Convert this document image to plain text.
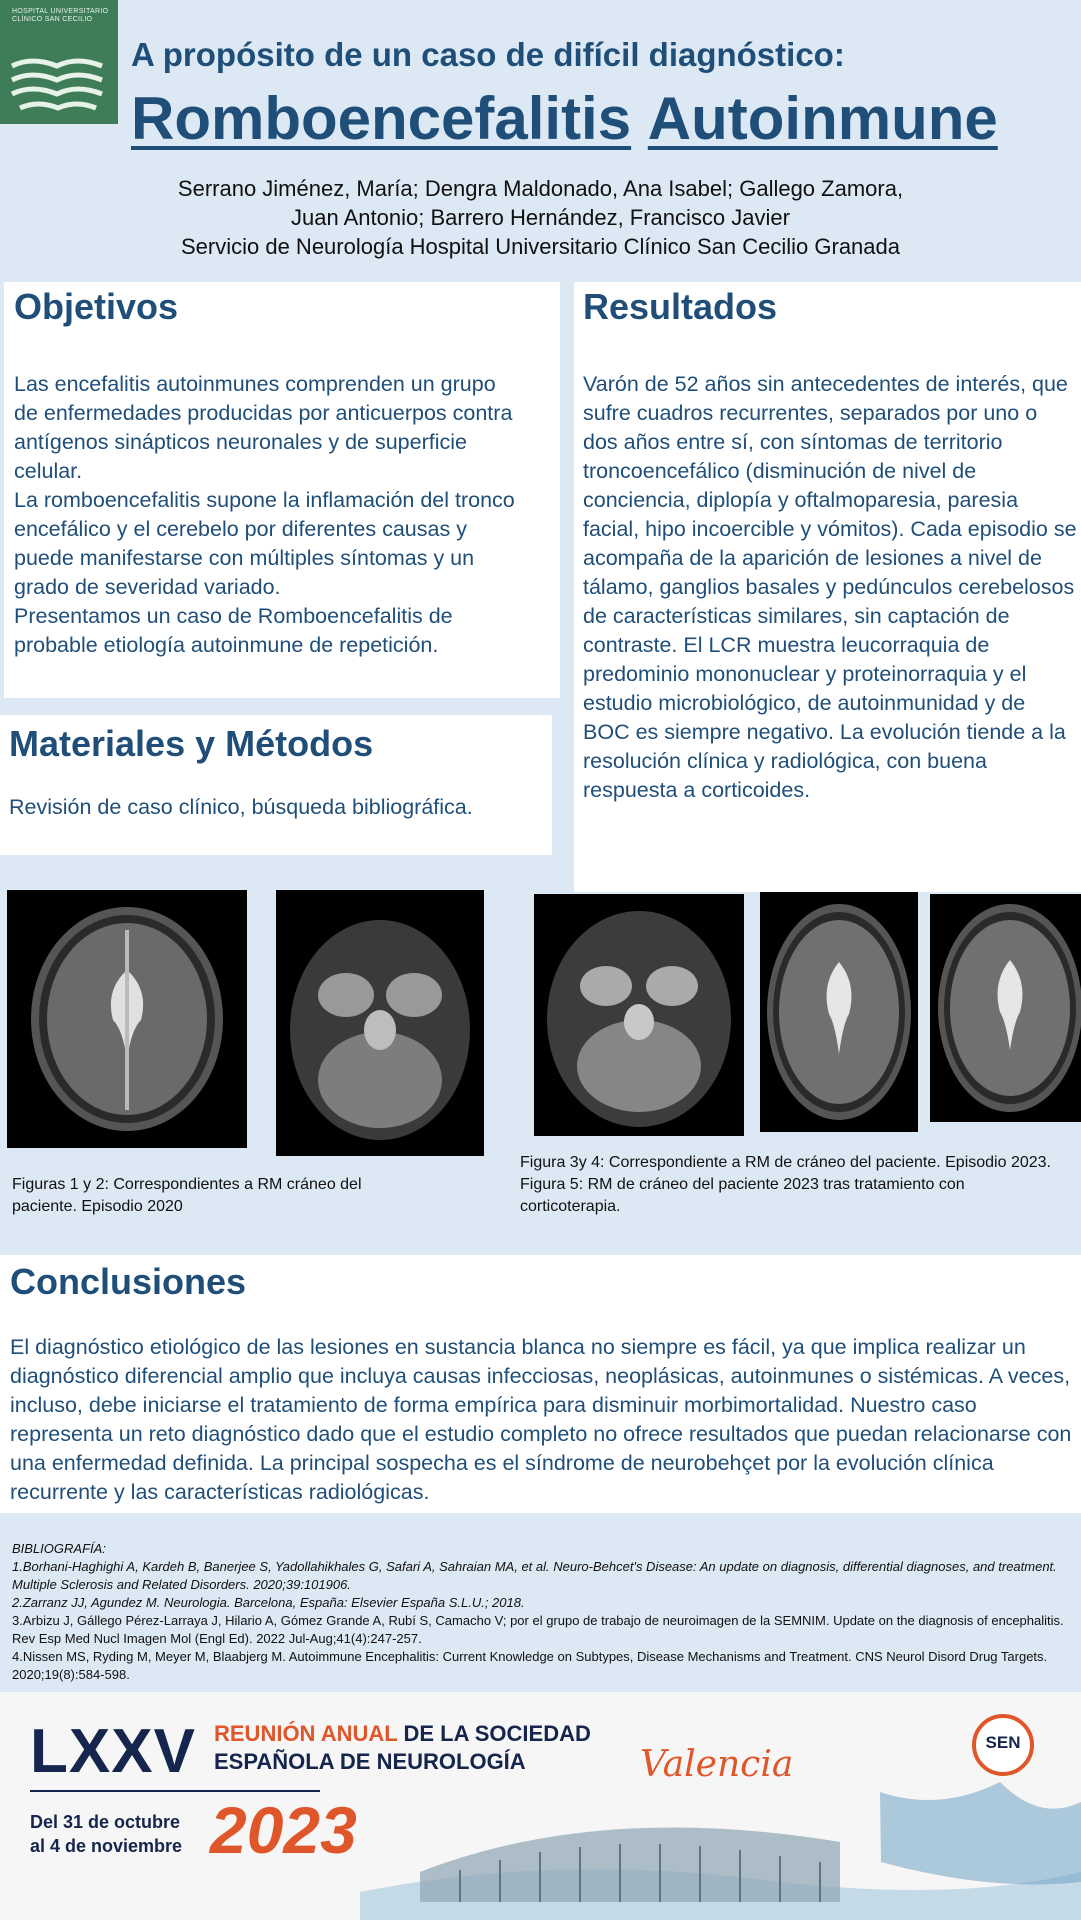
HOSPITAL UNIVERSITARIO CLÍNICO SAN CECILIO
A propósito de un caso de difícil diagnóstico:
Romboencefalitis Autoinmune
Serrano Jiménez, María; Dengra Maldonado, Ana Isabel; Gallego Zamora,
Juan Antonio; Barrero Hernández, Francisco Javier
Servicio de Neurología Hospital Universitario Clínico San Cecilio Granada
Objetivos
Las encefalitis autoinmunes comprenden un grupo de enfermedades producidas por anticuerpos contra antígenos sinápticos neuronales y de superficie celular.
La romboencefalitis supone la inflamación del tronco encefálico y el cerebelo por diferentes causas y puede manifestarse con múltiples síntomas y un grado de severidad variado.
Presentamos un caso de Romboencefalitis de probable etiología autoinmune de repetición.
Materiales y Métodos
Revisión de caso clínico, búsqueda bibliográfica.
Resultados
Varón de 52 años sin antecedentes de interés, que sufre cuadros recurrentes, separados por uno o dos años entre sí, con síntomas de territorio troncoencefálico (disminución de nivel de conciencia, diplopía y oftalmoparesia, paresia facial, hipo incoercible y vómitos). Cada episodio se acompaña de la aparición de lesiones a nivel de tálamo, ganglios basales y pedúnculos cerebelosos de características similares, sin captación de contraste. El LCR muestra leucorraquia de predominio mononuclear y proteinorraquia y el estudio microbiológico, de autoinmunidad y de BOC es siempre negativo. La evolución tiende a la resolución clínica y radiológica, con buena respuesta a corticoides.
Figuras 1 y 2: Correspondientes a RM cráneo del paciente. Episodio 2020
Figura 3y 4: Correspondiente a RM de cráneo del paciente. Episodio 2023.
Figura 5: RM de cráneo del paciente 2023 tras tratamiento con corticoterapia.
Conclusiones
El diagnóstico etiológico de las lesiones en sustancia blanca no siempre es fácil, ya que implica realizar un diagnóstico diferencial amplio que incluya causas infecciosas, neoplásicas, autoinmunes o sistémicas. A veces, incluso, debe iniciarse el tratamiento de forma empírica para disminuir morbimortalidad. Nuestro caso representa un reto diagnóstico dado que el estudio completo no ofrece resultados que puedan relacionarse con una enfermedad definida. La principal sospecha es el síndrome de neurobehçet por la evolución clínica recurrente y las características radiológicas.
BIBLIOGRAFÍA:
1.Borhani-Haghighi A, Kardeh B, Banerjee S, Yadollahikhales G, Safari A, Sahraian MA, et al. Neuro-Behcet's Disease: An update on diagnosis, differential diagnoses, and treatment. Multiple Sclerosis and Related Disorders. 2020;39:101906.
2.Zarranz JJ, Agundez M. Neurologia. Barcelona, España: Elsevier España S.L.U.; 2018.
3.Arbizu J, Gállego Pérez-Larraya J, Hilario A, Gómez Grande A, Rubí S, Camacho V; por el grupo de trabajo de neuroimagen de la SEMNIM. Update on the diagnosis of encephalitis. Rev Esp Med Nucl Imagen Mol (Engl Ed). 2022 Jul-Aug;41(4):247-257.
4.Nissen MS, Ryding M, Meyer M, Blaabjerg M. Autoimmune Encephalitis: Current Knowledge on Subtypes, Disease Mechanisms and Treatment. CNS Neurol Disord Drug Targets. 2020;19(8):584-598.
LXXV REUNIÓN ANUAL DE LA SOCIEDAD
ESPAÑOLA DE NEUROLOGÍA
Del 31 de octubre
al 4 de noviembre 2023
Valencia
SEN
